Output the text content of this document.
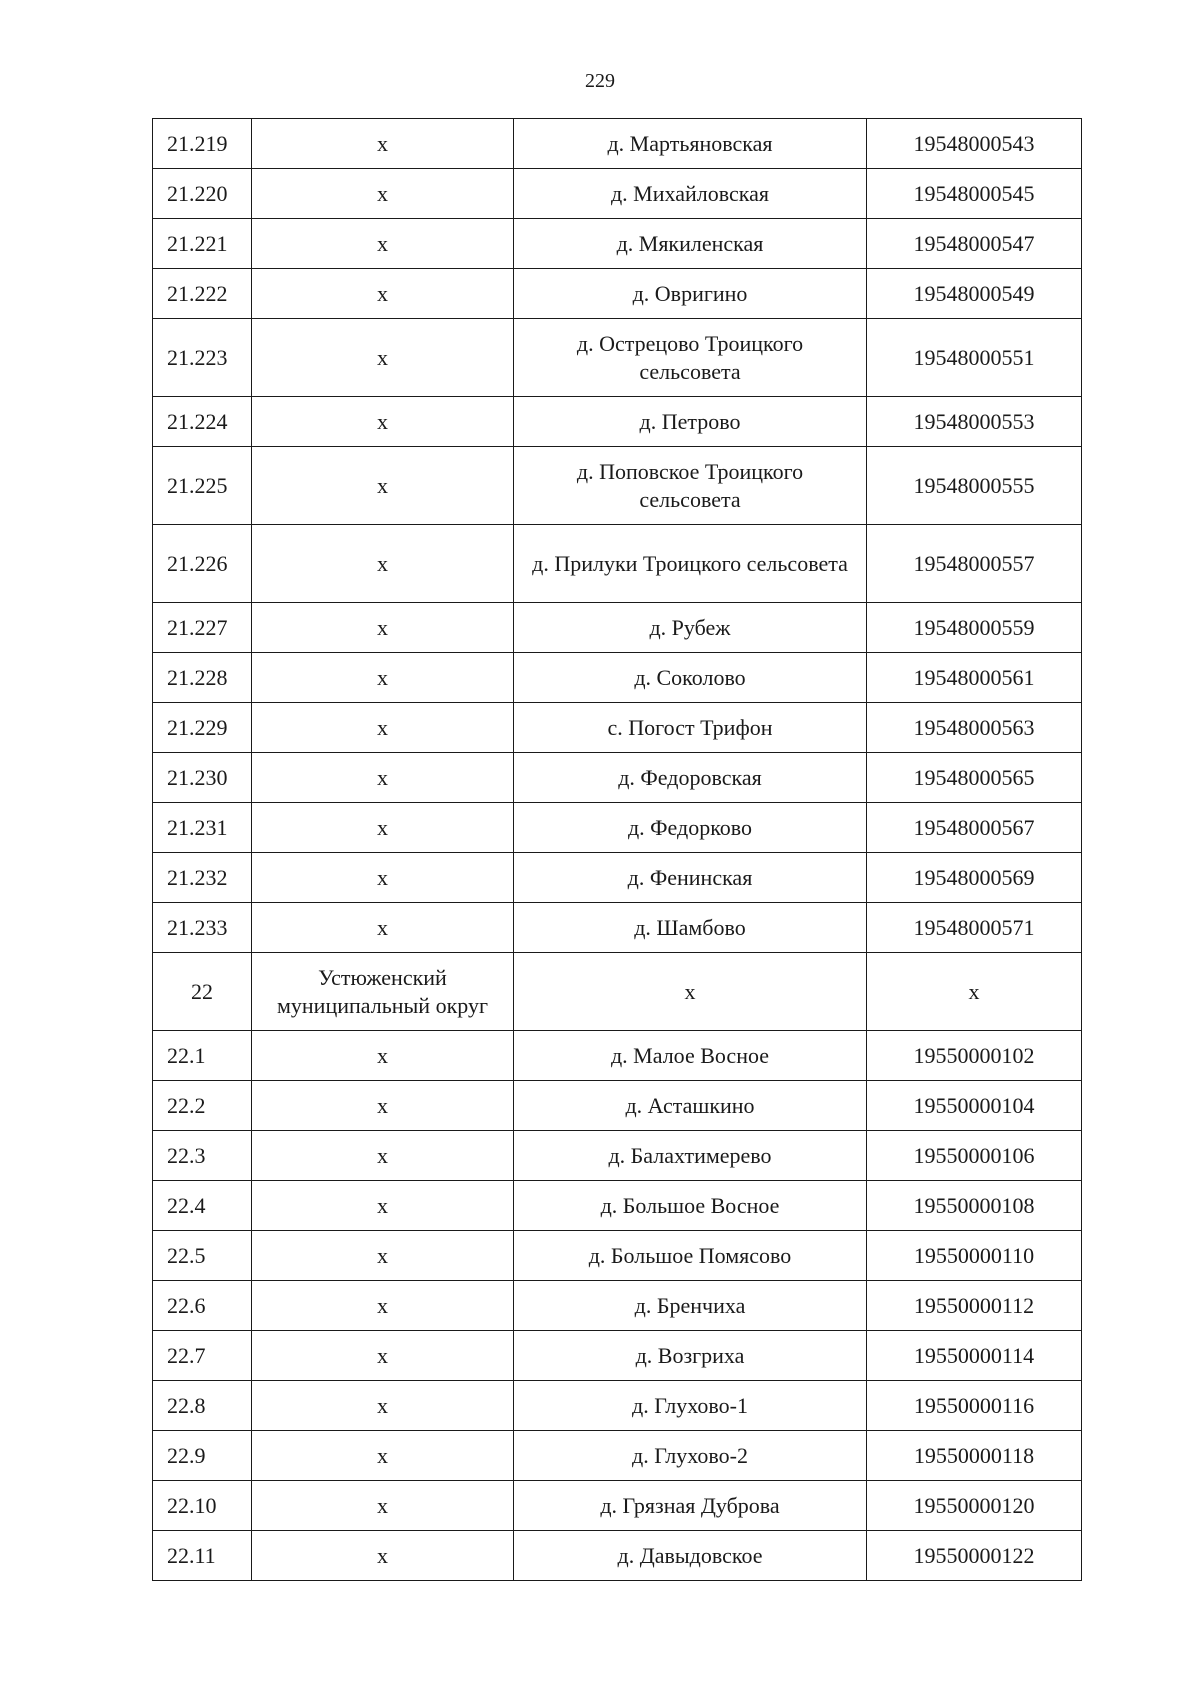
229
21.219	х	д. Мартьяновская	19548000543
21.220	х	д. Михайловская	19548000545
21.221	х	д. Мякиленская	19548000547
21.222	х	д. Овригино	19548000549
21.223	х	д. Острецово Троицкого сельсовета	19548000551
21.224	х	д. Петрово	19548000553
21.225	х	д. Поповское Троицкого сельсовета	19548000555
21.226	х	д. Прилуки Троицкого сельсовета	19548000557
21.227	х	д. Рубеж	19548000559
21.228	х	д. Соколово	19548000561
21.229	х	с. Погост Трифон	19548000563
21.230	х	д. Федоровская	19548000565
21.231	х	д. Федорково	19548000567
21.232	х	д. Фенинская	19548000569
21.233	х	д. Шамбово	19548000571
22	Устюженский муниципальный округ	х	х
22.1	х	д. Малое Восное	19550000102
22.2	х	д. Асташкино	19550000104
22.3	х	д. Балахтимерево	19550000106
22.4	х	д. Большое Восное	19550000108
22.5	х	д. Большое Помясово	19550000110
22.6	х	д. Бренчиха	19550000112
22.7	х	д. Возгриха	19550000114
22.8	х	д. Глухово-1	19550000116
22.9	х	д. Глухово-2	19550000118
22.10	х	д. Грязная Дуброва	19550000120
22.11	х	д. Давыдовское	19550000122
